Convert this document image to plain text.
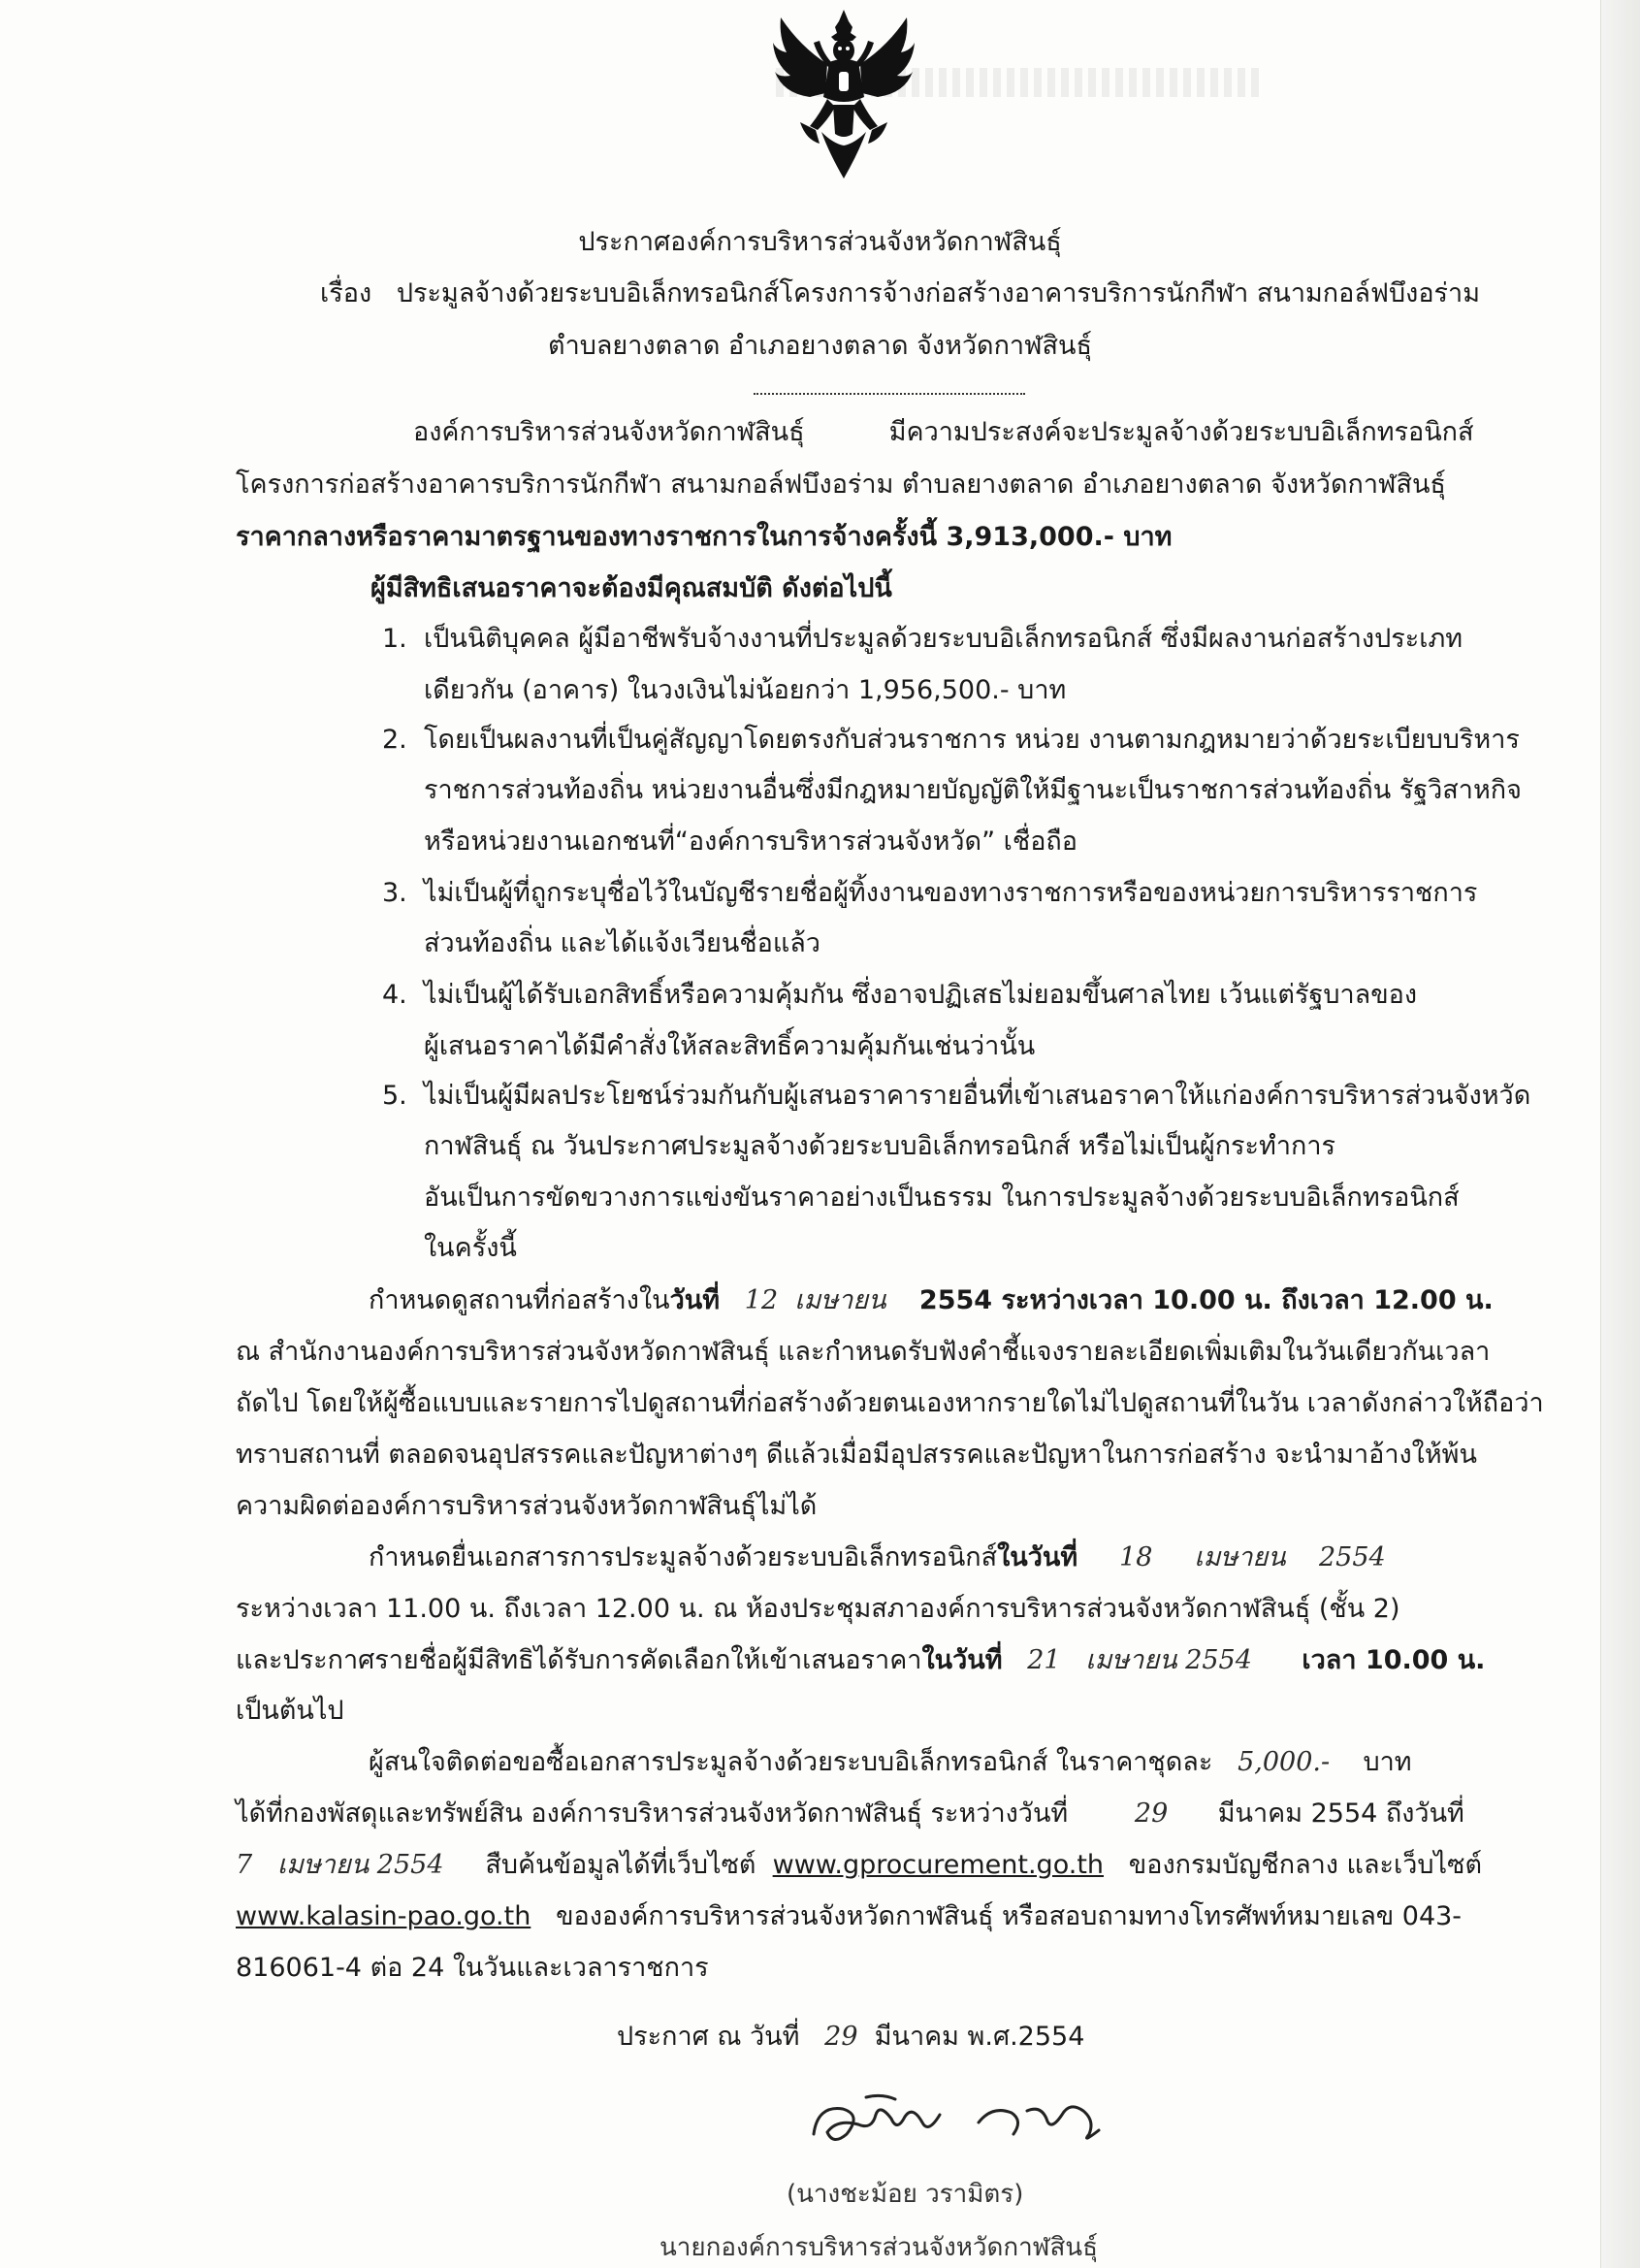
ประกาศองค์การบริหารส่วนจังหวัดกาฬสินธุ์
เรื่อง ประมูลจ้างด้วยระบบอิเล็กทรอนิกส์โครงการจ้างก่อสร้างอาคารบริการนักกีฬา สนามกอล์ฟบึงอร่าม
ตำบลยางตลาด อำเภอยางตลาด จังหวัดกาฬสินธุ์
องค์การบริหารส่วนจังหวัดกาฬสินธุ์	มีความประสงค์จะประมูลจ้างด้วยระบบอิเล็กทรอนิกส์
โครงการก่อสร้างอาคารบริการนักกีฬา สนามกอล์ฟบึงอร่าม ตำบลยางตลาด อำเภอยางตลาด จังหวัดกาฬสินธุ์
ราคากลางหรือราคามาตรฐานของทางราชการในการจ้างครั้งนี้ 3,913,000.- บาท
ผู้มีสิทธิเสนอราคาจะต้องมีคุณสมบัติ ดังต่อไปนี้
1. เป็นนิติบุคคล ผู้มีอาชีพรับจ้างงานที่ประมูลด้วยระบบอิเล็กทรอนิกส์ ซึ่งมีผลงานก่อสร้างประเภท
เดียวกัน (อาคาร) ในวงเงินไม่น้อยกว่า 1,956,500.- บาท
2. โดยเป็นผลงานที่เป็นคู่สัญญาโดยตรงกับส่วนราชการ หน่วย งานตามกฎหมายว่าด้วยระเบียบบริหาร
ราชการส่วนท้องถิ่น หน่วยงานอื่นซึ่งมีกฎหมายบัญญัติให้มีฐานะเป็นราชการส่วนท้องถิ่น รัฐวิสาหกิจ
หรือหน่วยงานเอกชนที่“องค์การบริหารส่วนจังหวัด” เชื่อถือ
3. ไม่เป็นผู้ที่ถูกระบุชื่อไว้ในบัญชีรายชื่อผู้ทิ้งงานของทางราชการหรือของหน่วยการบริหารราชการ
ส่วนท้องถิ่น และได้แจ้งเวียนชื่อแล้ว
4. ไม่เป็นผู้ได้รับเอกสิทธิ์หรือความคุ้มกัน ซึ่งอาจปฏิเสธไม่ยอมขึ้นศาลไทย เว้นแต่รัฐบาลของ
ผู้เสนอราคาได้มีคำสั่งให้สละสิทธิ์ความคุ้มกันเช่นว่านั้น
5. ไม่เป็นผู้มีผลประโยชน์ร่วมกันกับผู้เสนอราคารายอื่นที่เข้าเสนอราคาให้แก่องค์การบริหารส่วนจังหวัด
กาฬสินธุ์ ณ วันประกาศประมูลจ้างด้วยระบบอิเล็กทรอนิกส์ หรือไม่เป็นผู้กระทำการ
อันเป็นการขัดขวางการแข่งขันราคาอย่างเป็นธรรม ในการประมูลจ้างด้วยระบบอิเล็กทรอนิกส์
ในครั้งนี้
กำหนดดูสถานที่ก่อสร้างในวันที่ 12 เมษายน 2554 ระหว่างเวลา 10.00 น. ถึงเวลา 12.00 น.
ณ สำนักงานองค์การบริหารส่วนจังหวัดกาฬสินธุ์ และกำหนดรับฟังคำชี้แจงรายละเอียดเพิ่มเติมในวันเดียวกันเวลา
ถัดไป โดยให้ผู้ซื้อแบบและรายการไปดูสถานที่ก่อสร้างด้วยตนเองหากรายใดไม่ไปดูสถานที่ในวัน เวลาดังกล่าวให้ถือว่า
ทราบสถานที่ ตลอดจนอุปสรรคและปัญหาต่างๆ ดีแล้วเมื่อมีอุปสรรคและปัญหาในการก่อสร้าง จะนำมาอ้างให้พ้น
ความผิดต่อองค์การบริหารส่วนจังหวัดกาฬสินธุ์ไม่ได้
กำหนดยื่นเอกสารการประมูลจ้างด้วยระบบอิเล็กทรอนิกส์ในวันที่ 18 เมษายน 2554
ระหว่างเวลา 11.00 น. ถึงเวลา 12.00 น. ณ ห้องประชุมสภาองค์การบริหารส่วนจังหวัดกาฬสินธุ์ (ชั้น 2)
และประกาศรายชื่อผู้มีสิทธิได้รับการคัดเลือกให้เข้าเสนอราคาในวันที่ 21 เมษายน 2554 เวลา 10.00 น.
เป็นต้นไป
ผู้สนใจติดต่อขอซื้อเอกสารประมูลจ้างด้วยระบบอิเล็กทรอนิกส์ ในราคาชุดละ 5,000.- บาท
ได้ที่กองพัสดุและทรัพย์สิน องค์การบริหารส่วนจังหวัดกาฬสินธุ์ ระหว่างวันที่	29 มีนาคม 2554 ถึงวันที่
7 เมษายน 2554 สืบค้นข้อมูลได้ที่เว็บไซต์ www.gprocurement.go.th ของกรมบัญชีกลาง และเว็บไซต์
www.kalasin-pao.go.th ขององค์การบริหารส่วนจังหวัดกาฬสินธุ์ หรือสอบถามทางโทรศัพท์หมายเลข 043-
816061-4 ต่อ 24 ในวันและเวลาราชการ
ประกาศ ณ วันที่ 29 มีนาคม พ.ศ.2554
(นางชะม้อย วรามิตร)
นายกองค์การบริหารส่วนจังหวัดกาฬสินธุ์
